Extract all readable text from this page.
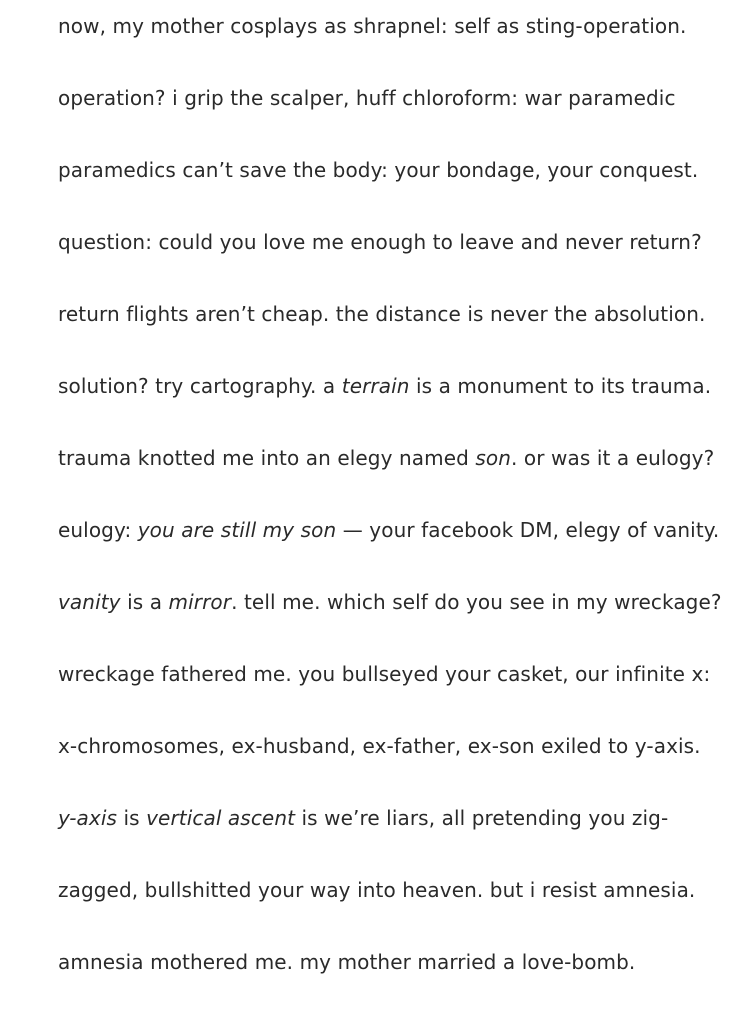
now, my mother cosplays as shrapnel: self as sting-operation.
operation? i grip the scalper, huff chloroform: war paramedic
paramedics can’t save the body: your bondage, your conquest.
question: could you love me enough to leave and never return?
return flights aren’t cheap. the distance is never the absolution.
solution? try cartography. a terrain is a monument to its trauma.
trauma knotted me into an elegy named son. or was it a eulogy?
eulogy: you are still my son — your facebook DM, elegy of vanity.
vanity is a mirror. tell me. which self do you see in my wreckage?
wreckage fathered me. you bullseyed your casket, our infinite x:
x-chromosomes, ex-husband, ex-father, ex-son exiled to y-axis.
y-axis is vertical ascent is we’re liars, all pretending you zig-
zagged, bullshitted your way into heaven. but i resist amnesia.
amnesia mothered me. my mother married a love-bomb.
